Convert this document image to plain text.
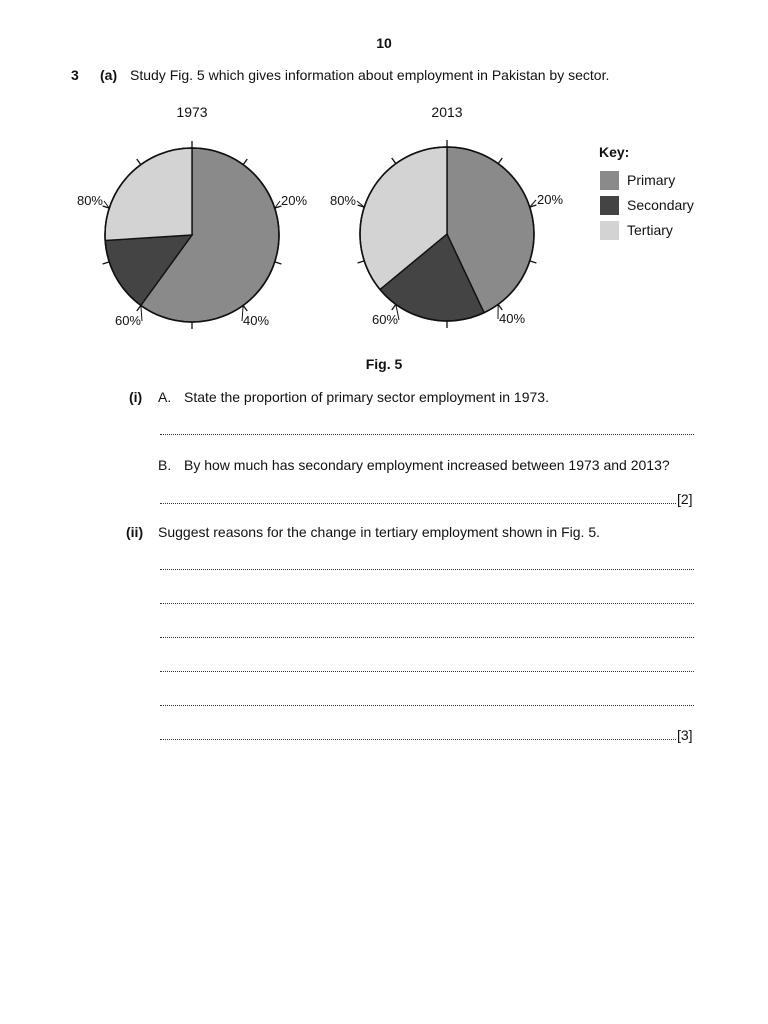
10
3 (a) Study Fig. 5 which gives information about employment in Pakistan by sector.
20%
40%
60%
80%
1973
20%
40%
60%
80%
2013
Key:
Primary
Secondary
Tertiary
Fig. 5
(i) A. State the proportion of primary sector employment in 1973.
B. By how much has secondary employment increased between 1973 and 2013?
[2]
(ii) Suggest reasons for the change in tertiary employment shown in Fig. 5.
[3]
